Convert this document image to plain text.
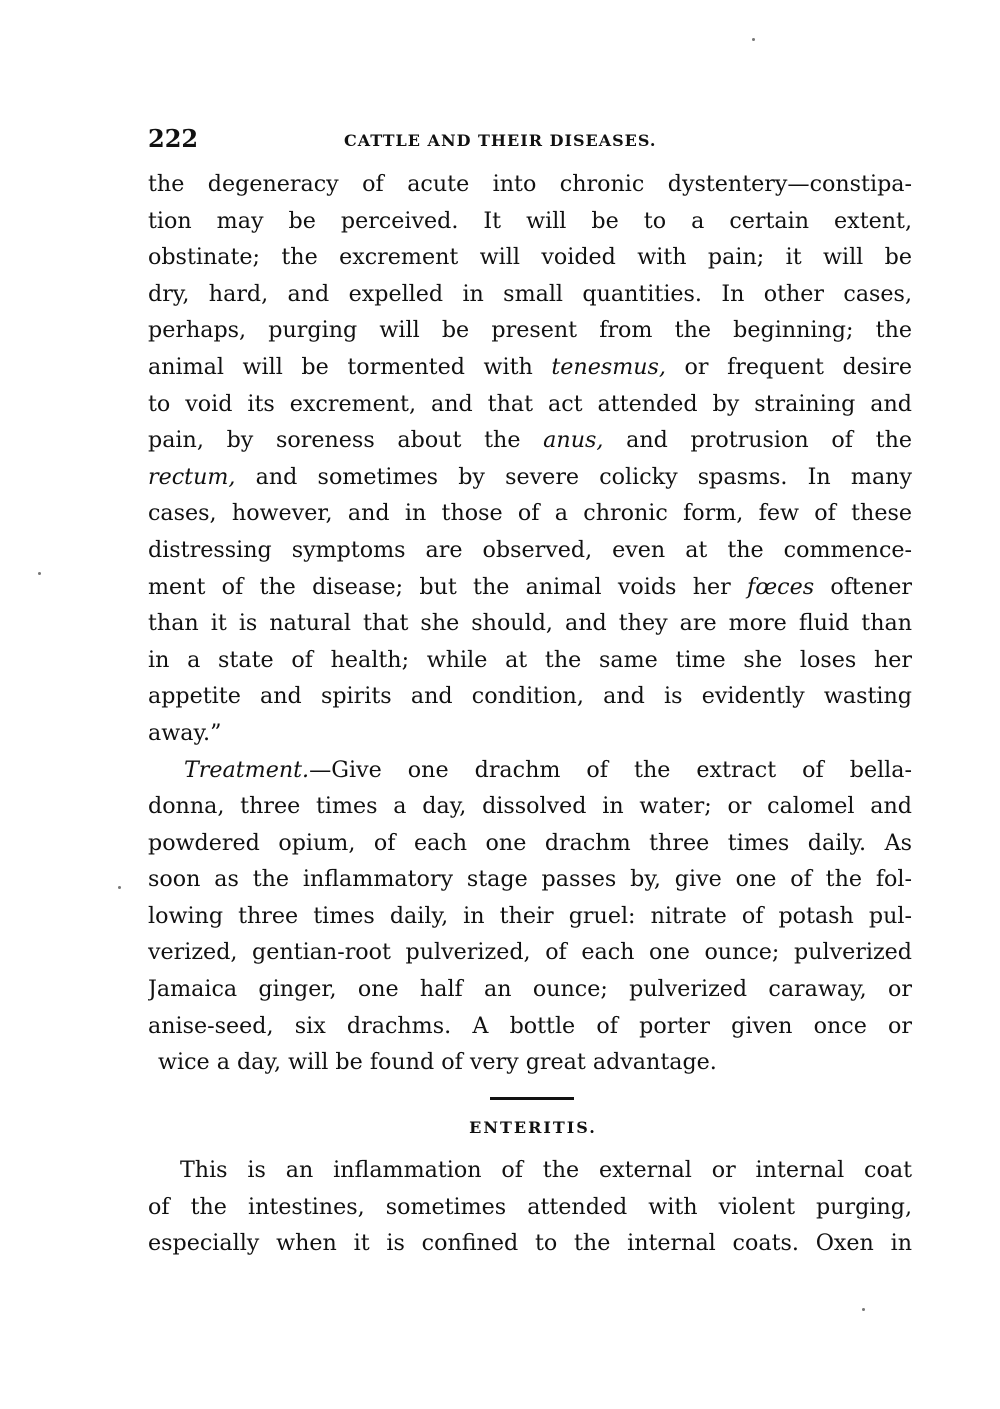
222	CATTLE AND THEIR DISEASES.
the degeneracy of acute into chronic dystentery—constipa-
tion may be perceived. It will be to a certain extent,
obstinate; the excrement will voided with pain; it will be
dry, hard, and expelled in small quantities. In other cases,
perhaps, purging will be present from the beginning; the
animal will be tormented with tenesmus, or frequent desire
to void its excrement, and that act attended by straining and
pain, by soreness about the anus, and protrusion of the
rectum, and sometimes by severe colicky spasms. In many
cases, however, and in those of a chronic form, few of these
distressing symptoms are observed, even at the commence-
ment of the disease; but the animal voids her fœces oftener
than it is natural that she should, and they are more fluid than
in a state of health; while at the same time she loses her
appetite and spirits and condition, and is evidently wasting
away.”
Treatment.—Give one drachm of the extract of bella-
donna, three times a day, dissolved in water; or calomel and
powdered opium, of each one drachm three times daily. As
soon as the inflammatory stage passes by, give one of the fol-
lowing three times daily, in their gruel: nitrate of potash pul-
verized, gentian-root pulverized, of each one ounce; pulverized
Jamaica ginger, one half an ounce; pulverized caraway, or
anise-seed, six drachms. A bottle of porter given once or
wice a day, will be found of very great advantage.
ENTERITIS.
This is an inflammation of the external or internal coat
of the intestines, sometimes attended with violent purging,
especially when it is confined to the internal coats. Oxen in
